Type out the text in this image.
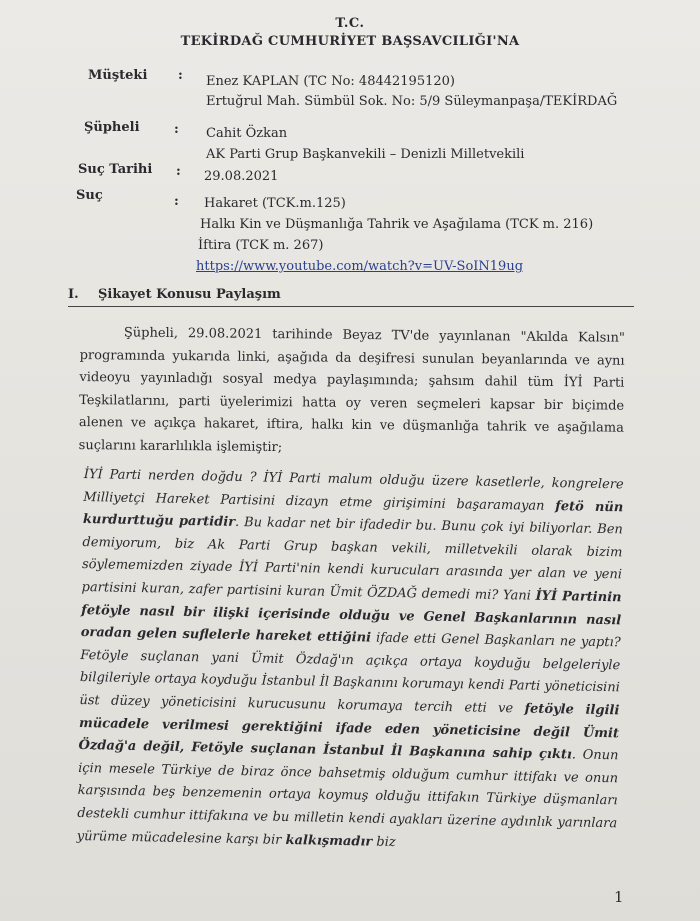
T.C.
TEKİRDAĞ CUMHURİYET BAŞSAVCILIĞI'NA
Müşteki : Enez KAPLAN (TC No: 48442195120)
Ertuğrul Mah. Sümbül Sok. No: 5/9 Süleymanpaşa/TEKİRDAĞ
Şüpheli	: Cahit Özkan
AK Parti Grup Başkanvekili – Denizli Milletvekili
Suç Tarihi : 29.08.2021
Suç	: Hakaret (TCK.m.125)
Halkı Kin ve Düşmanlığa Tahrik ve Aşağılama (TCK m. 216)
İftira (TCK m. 267)
https://www.youtube.com/watch?v=UV-SoIN19ug
I. Şikayet Konusu Paylaşım

Şüpheli, 29.08.2021 tarihinde Beyaz TV'de yayınlanan "Akılda Kalsın" programında yukarıda linki, aşağıda da deşifresi sunulan beyanlarında ve aynı videoyu yayınladığı sosyal medya paylaşımında; şahsım dahil tüm İYİ Parti Teşkilatlarını, parti üyelerimizi hatta oy veren seçmeleri kapsar bir biçimde alenen ve açıkça hakaret, iftira, halkı kin ve düşmanlığa tahrik ve aşağılama suçlarını kararlılıkla işlemiştir;

İYİ Parti nerden doğdu ? İYİ Parti malum olduğu üzere kasetlerle, kongrelere Milliyetçi Hareket Partisini dizayn etme girişimini başaramayan fetö nün kurdurttuğu partidir. Bu kadar net bir ifadedir bu. Bunu çok iyi biliyorlar. Ben demiyorum, biz Ak Parti Grup başkan vekili, milletvekili olarak bizim söylememizden ziyade İYİ Parti'nin kendi kurucuları arasında yer alan ve yeni partisini kuran, zafer partisini kuran Ümit ÖZDAĞ demedi mi? Yani İYİ Partinin fetöyle nasıl bir ilişki içerisinde olduğu ve Genel Başkanlarının nasıl oradan gelen suflelerle hareket ettiğini ifade etti Genel Başkanları ne yaptı? Fetöyle suçlanan yani Ümit Özdağ'ın açıkça ortaya koyduğu belgeleriyle bilgileriyle ortaya koyduğu İstanbul İl Başkanını korumayı kendi Parti yöneticisini üst düzey yöneticisini kurucusunu korumaya tercih etti ve fetöyle ilgili mücadele verilmesi gerektiğini ifade eden yöneticisine değil Ümit Özdağ'a değil, Fetöyle suçlanan İstanbul İl Başkanına sahip çıktı. Onun için mesele Türkiye de biraz önce bahsetmiş olduğum cumhur ittifakı ve onun karşısında beş benzemenin ortaya koymuş olduğu ittifakın Türkiye düşmanları destekli cumhur ittifakına ve bu milletin kendi ayakları üzerine aydınlık yarınlara yürüme mücadelesine karşı bir kalkışmadır biz
1
